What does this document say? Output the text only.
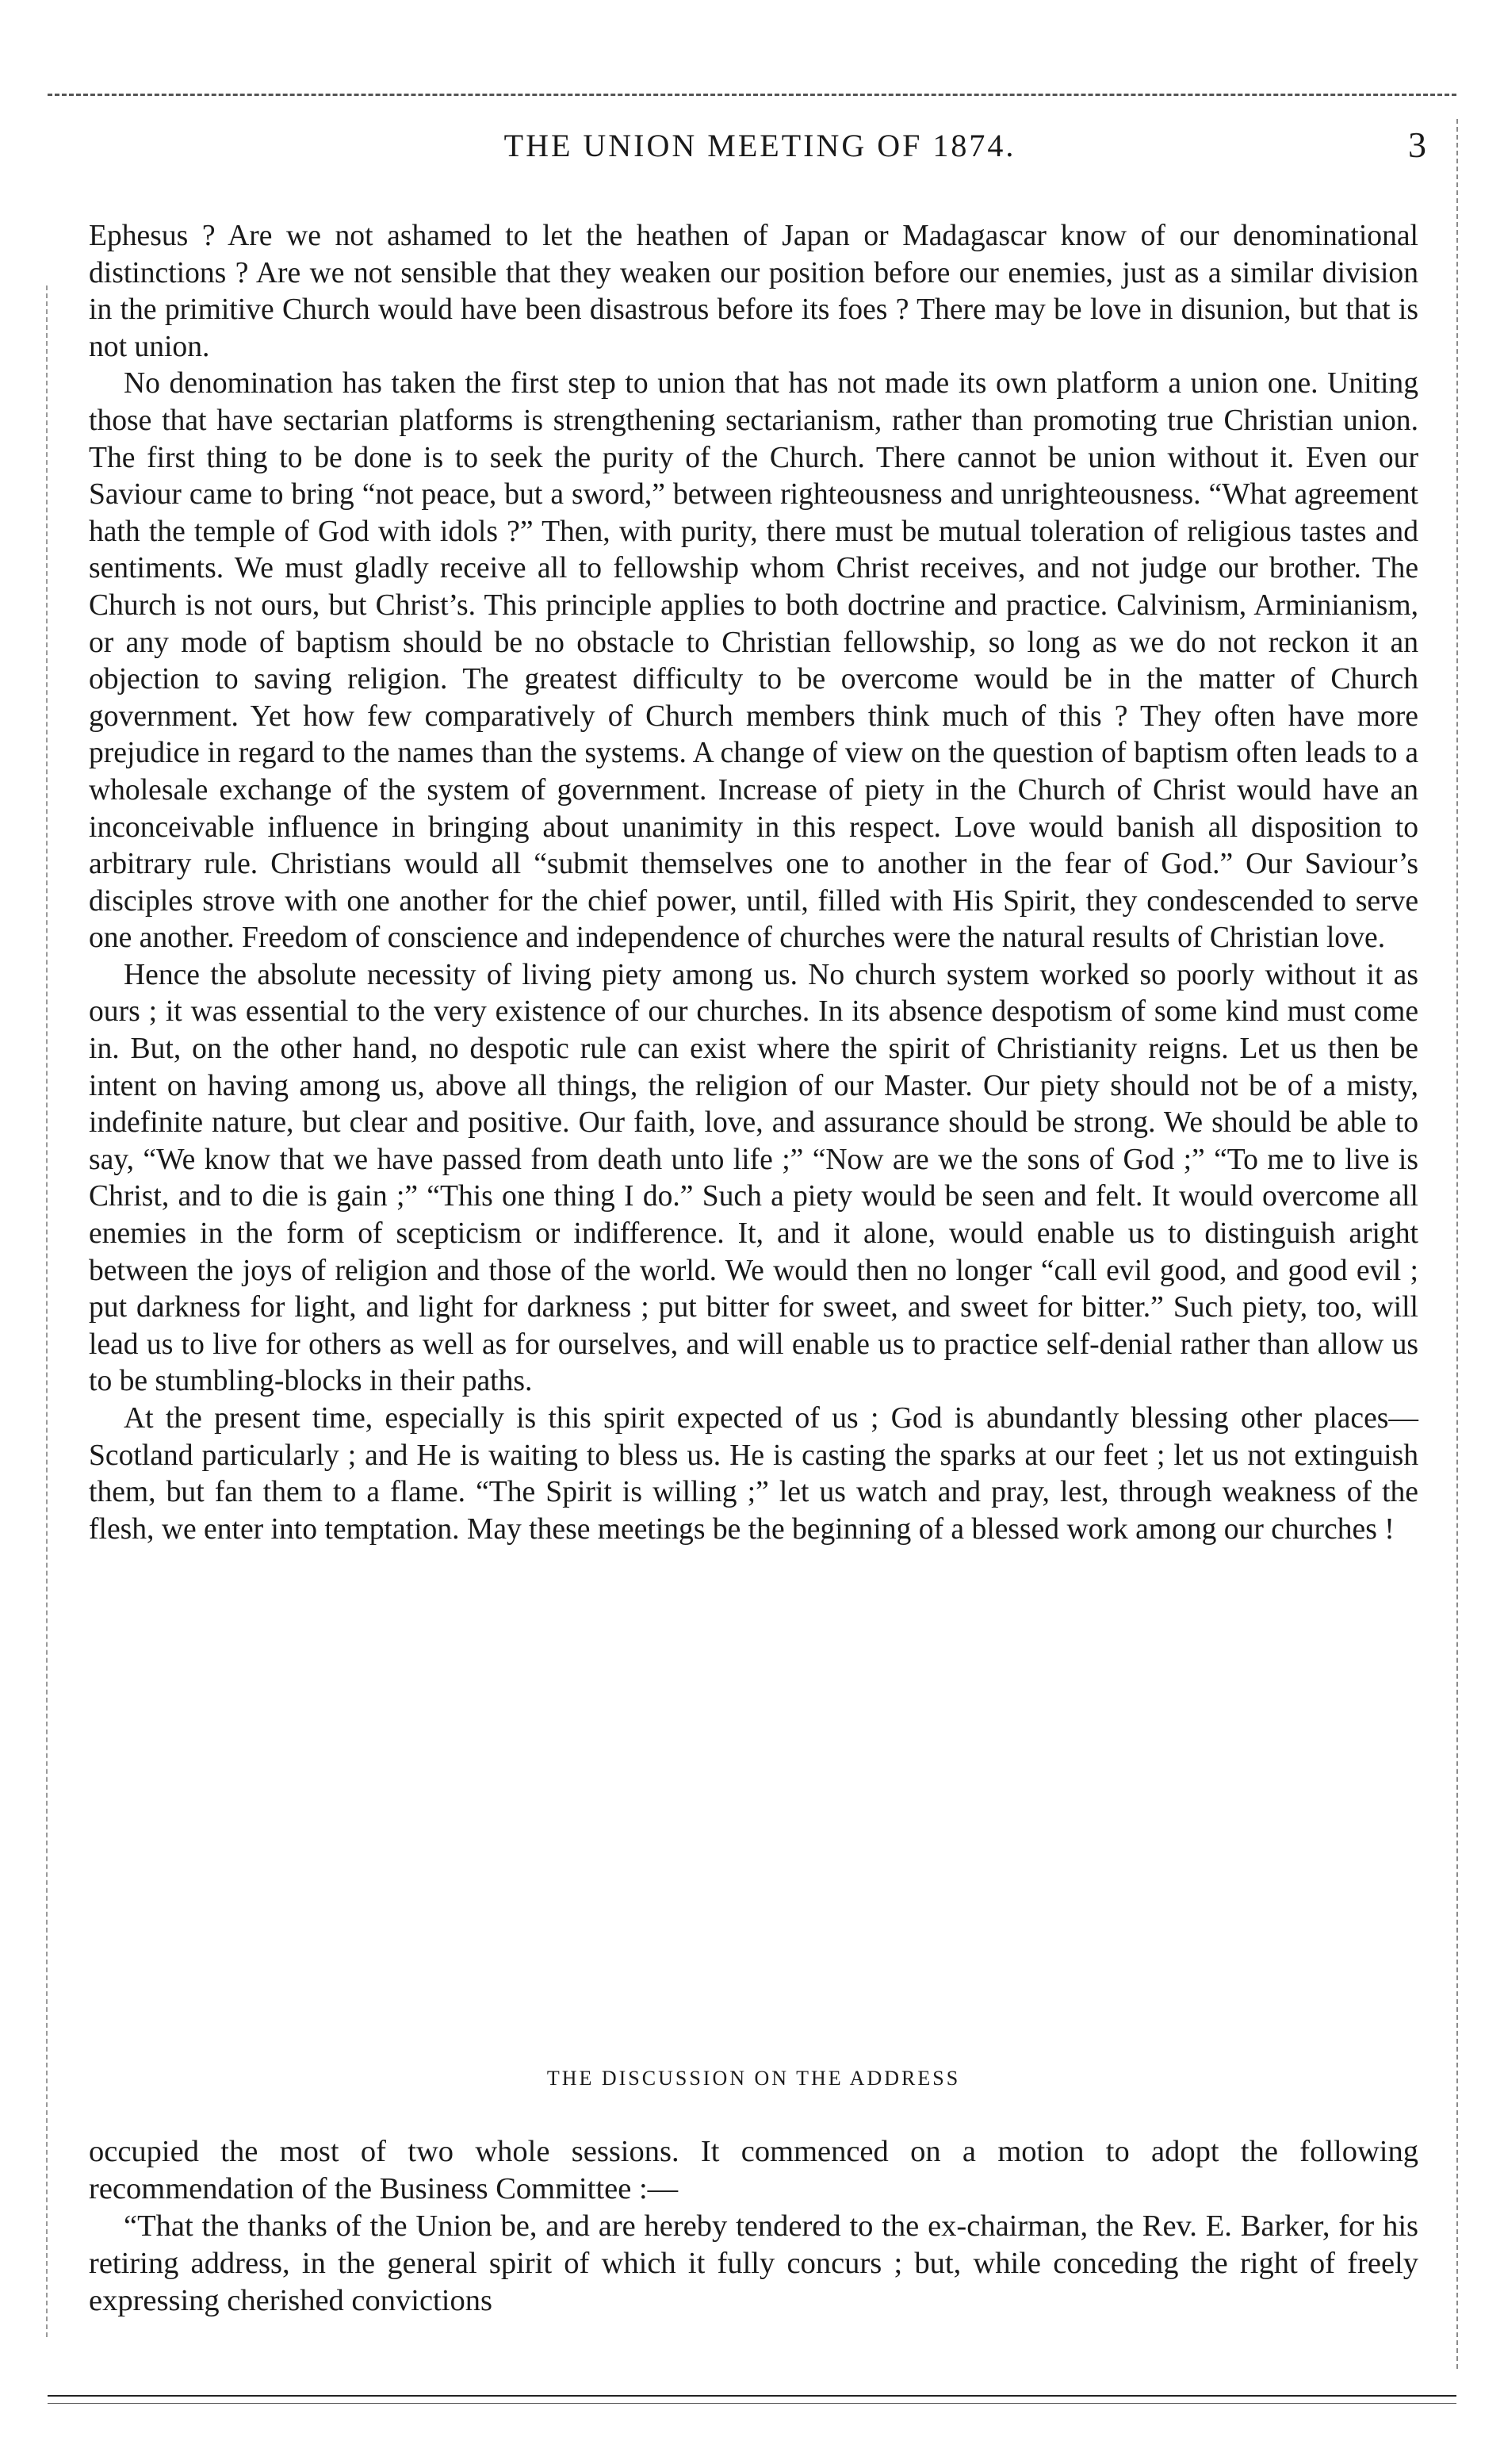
THE UNION MEETING OF 1874.	3

Ephesus ? Are we not ashamed to let the heathen of Japan or Madagascar know of our denominational distinctions ? Are we not sensible that they weaken our position before our enemies, just as a similar division in the primitive Church would have been disastrous before its foes ? There may be love in disunion, but that is not union.

No denomination has taken the first step to union that has not made its own platform a union one. Uniting those that have sectarian platforms is strengthening sectarianism, rather than promoting true Christian union. The first thing to be done is to seek the purity of the Church. There cannot be union without it. Even our Saviour came to bring “not peace, but a sword,” between righteousness and unrighteousness. “What agreement hath the temple of God with idols ?” Then, with purity, there must be mutual toleration of religious tastes and sentiments. We must gladly receive all to fellowship whom Christ receives, and not judge our brother. The Church is not ours, but Christ’s. This principle applies to both doctrine and practice. Calvinism, Arminianism, or any mode of baptism should be no obstacle to Christian fellowship, so long as we do not reckon it an objection to saving religion. The greatest difficulty to be overcome would be in the matter of Church government. Yet how few comparatively of Church members think much of this ? They often have more prejudice in regard to the names than the systems. A change of view on the question of baptism often leads to a wholesale exchange of the system of government. Increase of piety in the Church of Christ would have an inconceivable influence in bringing about unanimity in this respect. Love would banish all disposition to arbitrary rule. Christians would all “submit themselves one to another in the fear of God.” Our Saviour’s disciples strove with one another for the chief power, until, filled with His Spirit, they condescended to serve one another. Freedom of conscience and independence of churches were the natural results of Christian love.

Hence the absolute necessity of living piety among us. No church system worked so poorly without it as ours ; it was essential to the very existence of our churches. In its absence despotism of some kind must come in. But, on the other hand, no despotic rule can exist where the spirit of Christianity reigns. Let us then be intent on having among us, above all things, the religion of our Master. Our piety should not be of a misty, indefinite nature, but clear and positive. Our faith, love, and assurance should be strong. We should be able to say, “We know that we have passed from death unto life ;” “Now are we the sons of God ;” “To me to live is Christ, and to die is gain ;” “This one thing I do.” Such a piety would be seen and felt. It would overcome all enemies in the form of scepticism or indifference. It, and it alone, would enable us to distinguish aright between the joys of religion and those of the world. We would then no longer “call evil good, and good evil ; put darkness for light, and light for darkness ; put bitter for sweet, and sweet for bitter.” Such piety, too, will lead us to live for others as well as for ourselves, and will enable us to practice self-denial rather than allow us to be stumbling-blocks in their paths.

At the present time, especially is this spirit expected of us ; God is abundantly blessing other places—Scotland particularly ; and He is waiting to bless us. He is casting the sparks at our feet ; let us not extinguish them, but fan them to a flame. “The Spirit is willing ;” let us watch and pray, lest, through weakness of the flesh, we enter into temptation. May these meetings be the beginning of a blessed work among our churches !

THE DISCUSSION ON THE ADDRESS

occupied the most of two whole sessions. It commenced on a motion to adopt the following recommendation of the Business Committee :—

“That the thanks of the Union be, and are hereby tendered to the ex-chairman, the Rev. E. Barker, for his retiring address, in the general spirit of which it fully concurs ; but, while conceding the right of freely expressing cherished convictions
